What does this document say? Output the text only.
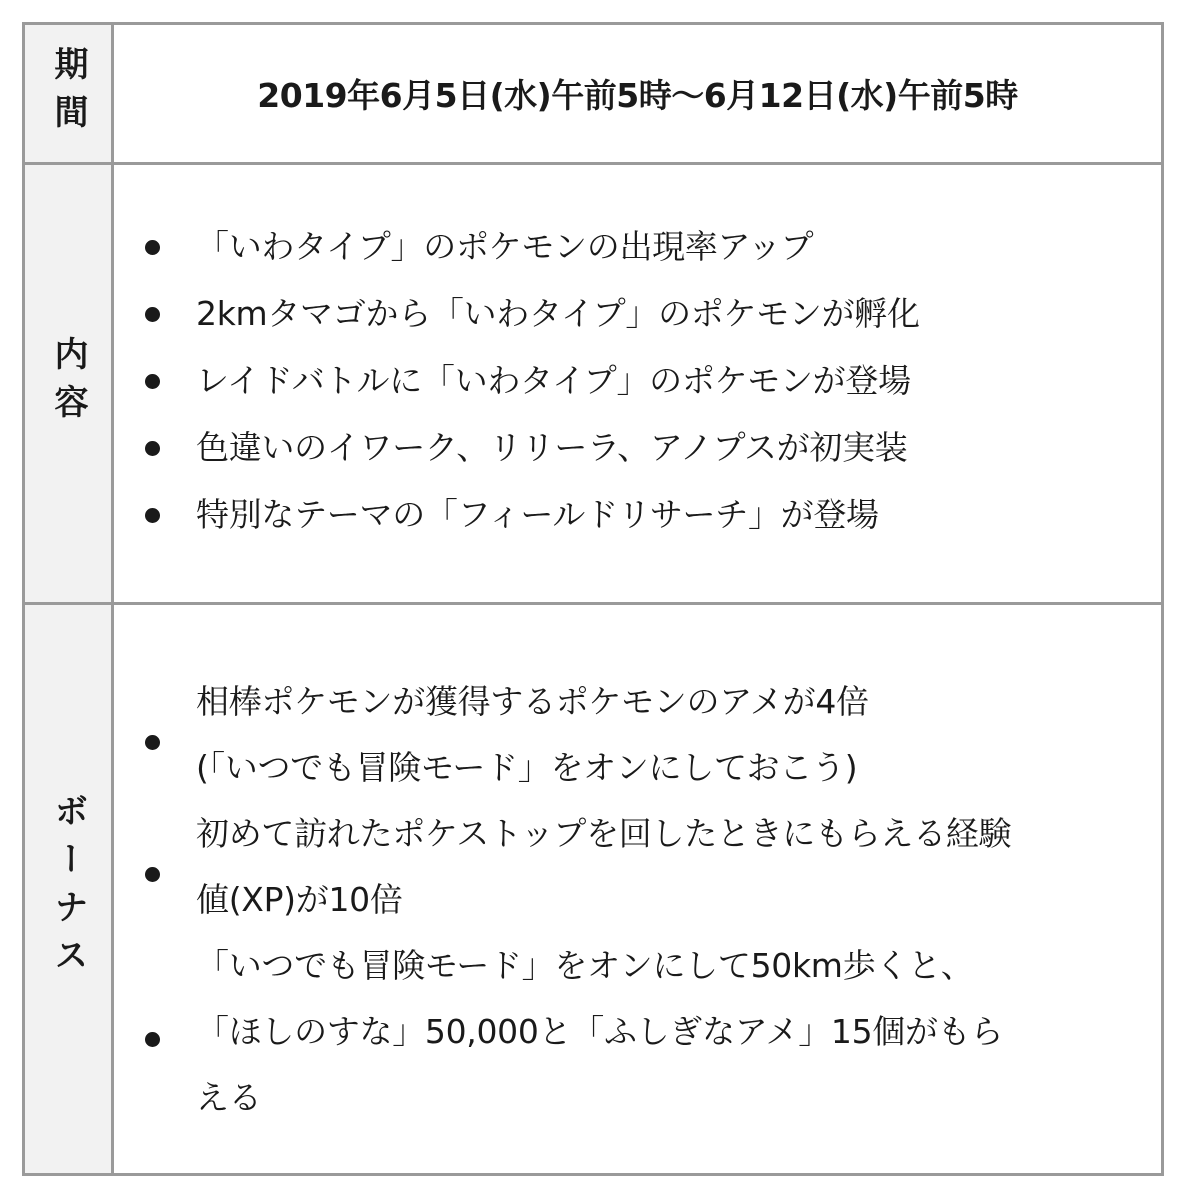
期間	2019年6月5日(水)午前5時〜6月12日(水)午前5時
内容
「いわタイプ」のポケモンの出現率アップ
2kmタマゴから「いわタイプ」のポケモンが孵化
レイドバトルに「いわタイプ」のポケモンが登場
色違いのイワーク、リリーラ、アノプスが初実装
特別なテーマの「フィールドリサーチ」が登場
ボーナス
相棒ポケモンが獲得するポケモンのアメが4倍
(「いつでも冒険モード」をオンにしておこう)
初めて訪れたポケストップを回したときにもらえる経験
値(XP)が10倍
「いつでも冒険モード」をオンにして50km歩くと、
「ほしのすな」50,000と「ふしぎなアメ」15個がもら
える
